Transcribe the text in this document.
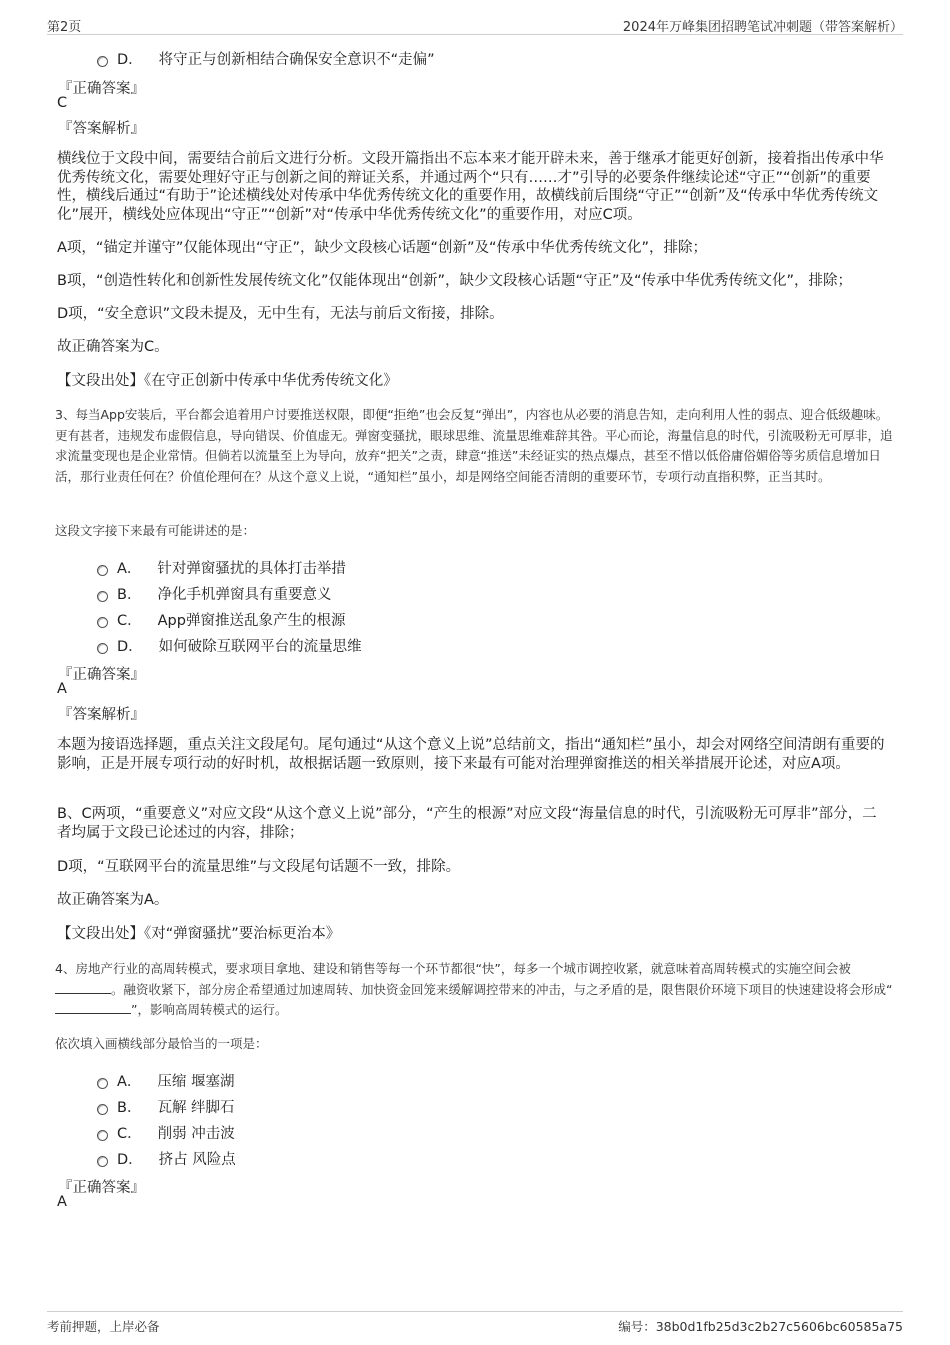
第2页	2024年万峰集团招聘笔试冲刺题（带答案解析）
D． 将守正与创新相结合确保安全意识不“走偏”
『正确答案』
C
『答案解析』
横线位于文段中间，需要结合前后文进行分析。文段开篇指出不忘本来才能开辟未来，善于继承才能更好创新，接着指出传承中华优秀传统文化，需要处理好守正与创新之间的辩证关系，并通过两个“只有……才”引导的必要条件继续论述“守正”“创新”的重要性，横线后通过“有助于”论述横线处对传承中华优秀传统文化的重要作用，故横线前后围绕“守正”“创新”及“传承中华优秀传统文化”展开，横线处应体现出“守正”“创新”对“传承中华优秀传统文化”的重要作用，对应C项。
A项，“锚定并谨守”仅能体现出“守正”，缺少文段核心话题“创新”及“传承中华优秀传统文化”，排除；
B项，“创造性转化和创新性发展传统文化”仅能体现出“创新”，缺少文段核心话题“守正”及“传承中华优秀传统文化”，排除；
D项，“安全意识”文段未提及，无中生有，无法与前后文衔接，排除。
故正确答案为C。
【文段出处】《在守正创新中传承中华优秀传统文化》
3、每当App安装后，平台都会追着用户讨要推送权限，即便“拒绝”也会反复“弹出”，内容也从必要的消息告知，走向利用人性的弱点、迎合低级趣味。更有甚者，违规发布虚假信息，导向错误、价值虚无。弹窗变骚扰，眼球思维、流量思维难辞其咎。平心而论，海量信息的时代，引流吸粉无可厚非，追求流量变现也是企业常情。但倘若以流量至上为导向，放弃“把关”之责，肆意“推送”未经证实的热点爆点，甚至不惜以低俗庸俗媚俗等劣质信息增加日活，那行业责任何在？价值伦理何在？从这个意义上说，“通知栏”虽小，却是网络空间能否清朗的重要环节，专项行动直指积弊，正当其时。
这段文字接下来最有可能讲述的是：
A． 针对弹窗骚扰的具体打击举措
B． 净化手机弹窗具有重要意义
C． App弹窗推送乱象产生的根源
D． 如何破除互联网平台的流量思维
『正确答案』
A
『答案解析』
本题为接语选择题，重点关注文段尾句。尾句通过“从这个意义上说”总结前文，指出“通知栏”虽小，却会对网络空间清朗有重要的影响，正是开展专项行动的好时机，故根据话题一致原则，接下来最有可能对治理弹窗推送的相关举措展开论述，对应A项。
B、C两项，“重要意义”对应文段“从这个意义上说”部分，“产生的根源”对应文段“海量信息的时代，引流吸粉无可厚非”部分，二者均属于文段已论述过的内容，排除；
D项，“互联网平台的流量思维”与文段尾句话题不一致，排除。
故正确答案为A。
【文段出处】《对“弹窗骚扰”要治标更治本》
4、房地产行业的高周转模式，要求项目拿地、建设和销售等每一个环节都很“快”，每多一个城市调控收紧，就意味着高周转模式的实施空间会被。融资收紧下，部分房企希望通过加速周转、加快资金回笼来缓解调控带来的冲击，与之矛盾的是，限售限价环境下项目的快速建设将会形成“”，影响高周转模式的运行。
依次填入画横线部分最恰当的一项是：
A． 压缩 堰塞湖
B． 瓦解 绊脚石
C． 削弱 冲击波
D． 挤占 风险点
『正确答案』
A
考前押题，上岸必备	编号：38b0d1fb25d3c2b27c5606bc60585a75
